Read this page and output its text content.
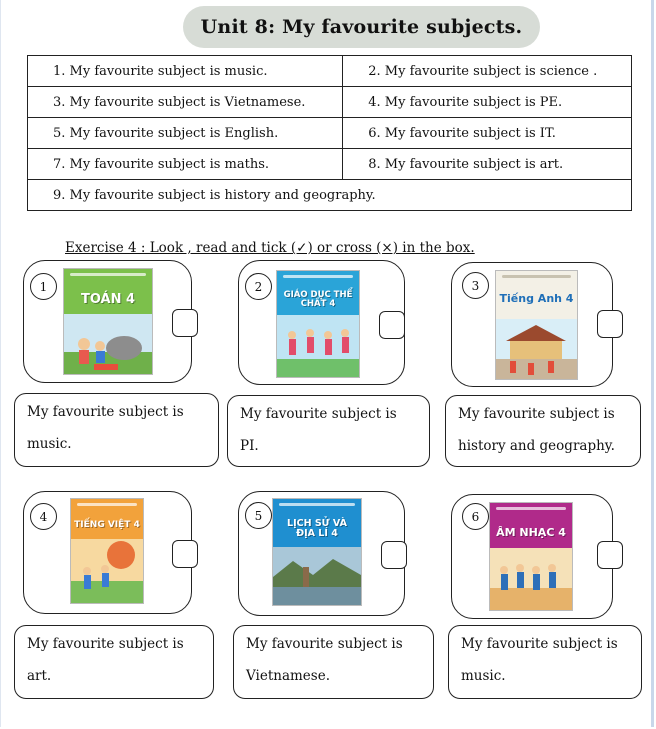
Unit 8: My favourite subjects.
1. My favourite subject is music.	2. My favourite subject is science .
3. My favourite subject is Vietnamese.	4. My favourite subject is PE.
5. My favourite subject is English.	6. My favourite subject is IT.
7. My favourite subject is maths.	8. My favourite subject is art.
9. My favourite subject is history and geography.	
Exercise 4 : Look , read and tick (✓) or cross (×) in the box.
1
TOÁN 4
2
GIÁO DỤC THỂ CHẤT 4
3
Tiếng Anh 4
My favourite subject is
music.
My favourite subject is PI.
My favourite subject is
history and geography.
4
TIẾNG VIỆT 4
5
LỊCH SỬ VÀ ĐỊA LÍ 4
6
ÂM NHẠC 4
My favourite subject is
art.
My favourite subject is
Vietnamese.
My favourite subject is
music.
